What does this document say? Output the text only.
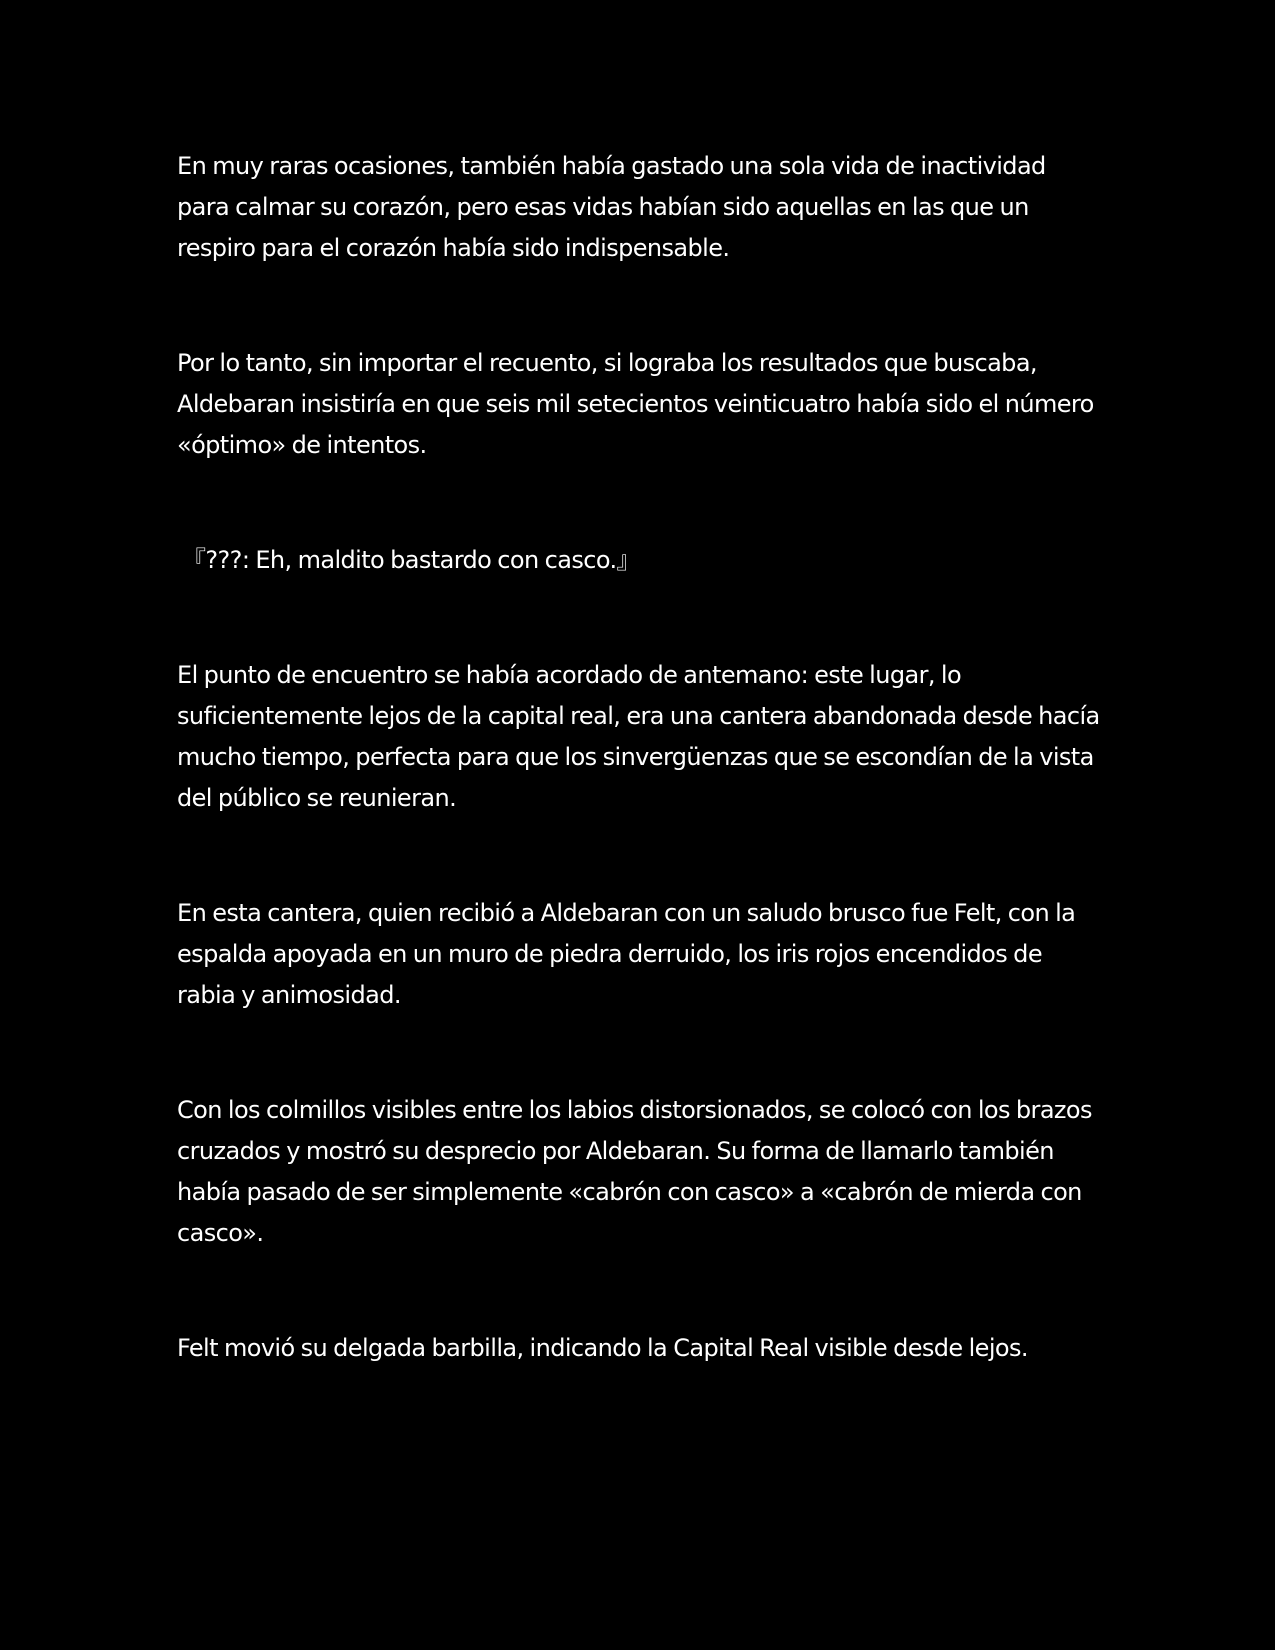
En muy raras ocasiones, también había gastado una sola vida de inactividad para calmar su corazón, pero esas vidas habían sido aquellas en las que un respiro para el corazón había sido indispensable.

Por lo tanto, sin importar el recuento, si lograba los resultados que buscaba, Aldebaran insistiría en que seis mil setecientos veinticuatro había sido el número «óptimo» de intentos.

『???: Eh, maldito bastardo con casco.』

El punto de encuentro se había acordado de antemano: este lugar, lo suficientemente lejos de la capital real, era una cantera abandonada desde hacía mucho tiempo, perfecta para que los sinvergüenzas que se escondían de la vista del público se reunieran.

En esta cantera, quien recibió a Aldebaran con un saludo brusco fue Felt, con la espalda apoyada en un muro de piedra derruido, los iris rojos encendidos de rabia y animosidad.

Con los colmillos visibles entre los labios distorsionados, se colocó con los brazos cruzados y mostró su desprecio por Aldebaran. Su forma de llamarlo también había pasado de ser simplemente «cabrón con casco» a «cabrón de mierda con casco».

Felt movió su delgada barbilla, indicando la Capital Real visible desde lejos.
